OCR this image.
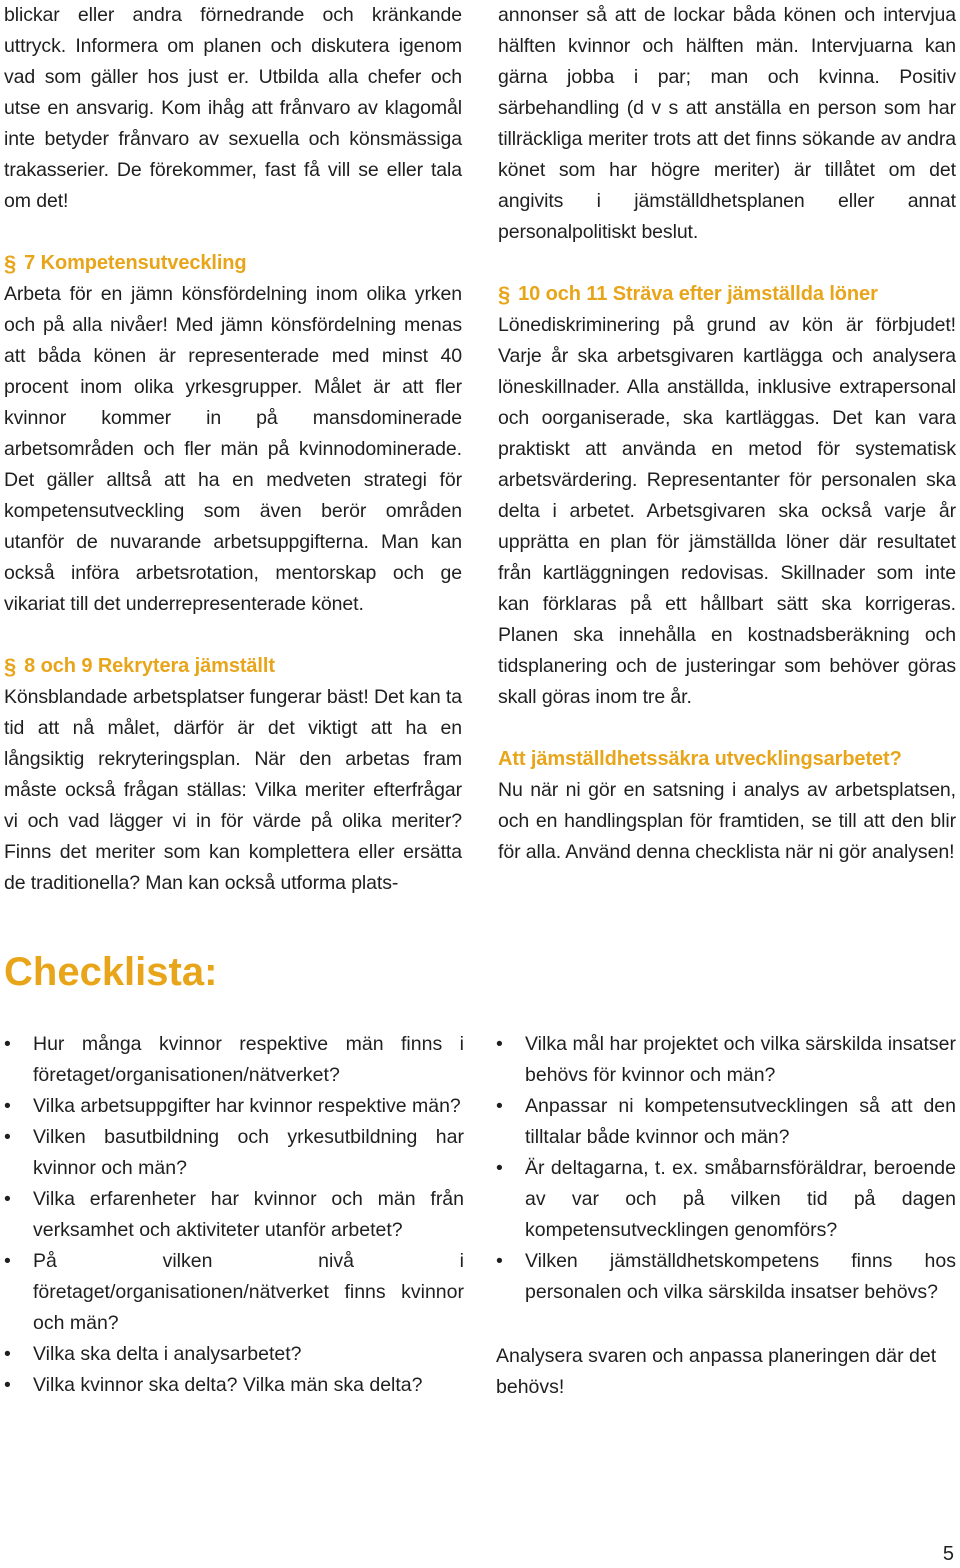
blickar eller andra förnedrande och kränkande uttryck. Informera om planen och diskutera igenom vad som gäller hos just er. Utbilda alla chefer och utse en ansvarig. Kom ihåg att frånvaro av klagomål inte betyder frånvaro av sexuella och könsmässiga trakasserier. De förekommer, fast få vill se eller tala om det!

§ 7 Kompetensutveckling

Arbeta för en jämn könsfördelning inom olika yrken och på alla nivåer! Med jämn könsfördelning menas att båda könen är representerade med minst 40 procent inom olika yrkesgrupper. Målet är att fler kvinnor kommer in på mansdominerade arbetsområden och fler män på kvinnodominerade. Det gäller alltså att ha en medveten strategi för kompetensutveckling som även berör områden utanför de nuvarande arbetsuppgifterna. Man kan också införa arbetsrotation, mentorskap och ge vikariat till det underrepresenterade könet.

§ 8 och 9 Rekrytera jämställt

Könsblandade arbetsplatser fungerar bäst! Det kan ta tid att nå målet, därför är det viktigt att ha en långsiktig rekryteringsplan. När den arbetas fram måste också frågan ställas: Vilka meriter efterfrågar vi och vad lägger vi in för värde på olika meriter? Finns det meriter som kan komplettera eller ersätta de traditionella? Man kan också utforma plats-

annonser så att de lockar båda könen och intervjua hälften kvinnor och hälften män. Intervjuarna kan gärna jobba i par; man och kvinna. Positiv särbehandling (d v s att anställa en person som har tillräckliga meriter trots att det finns sökande av andra könet som har högre meriter) är tillåtet om det angivits i jämställdhetsplanen eller annat personalpolitiskt beslut.

§ 10 och 11 Sträva efter jämställda löner

Lönediskriminering på grund av kön är förbjudet! Varje år ska arbetsgivaren kartlägga och analysera löneskillnader. Alla anställda, inklusive extrapersonal och oorganiserade, ska kartläggas. Det kan vara praktiskt att använda en metod för systematisk arbetsvärdering. Representanter för personalen ska delta i arbetet. Arbetsgivaren ska också varje år upprätta en plan för jämställda löner där resultatet från kartläggningen redovisas. Skillnader som inte kan förklaras på ett hållbart sätt ska korrigeras. Planen ska innehålla en kostnadsberäkning och tidsplanering och de justeringar som behöver göras skall göras inom tre år.

Att jämställdhetssäkra utvecklingsarbetet?

Nu när ni gör en satsning i analys av arbetsplatsen, och en handlingsplan för framtiden, se till att den blir för alla. Använd denna checklista när ni gör analysen!

Checklista:
•	Hur många kvinnor respektive män finns i företaget/organisationen/nätverket?
•	Vilka arbetsuppgifter har kvinnor respektive män?
•	Vilken basutbildning och yrkesutbildning har kvinnor och män?
•	Vilka erfarenheter har kvinnor och män från verksamhet och aktiviteter utanför arbetet?
•	På vilken nivå i företaget/organisationen/nätverket finns kvinnor och män?
•	Vilka ska delta i analysarbetet?
•	Vilka kvinnor ska delta? Vilka män ska delta?
•	Vilka mål har projektet och vilka särskilda insatser behövs för kvinnor och män?
•	Anpassar ni kompetensutvecklingen så att den tilltalar både kvinnor och män?
•	Är deltagarna, t. ex. småbarnsföräldrar, beroende av var och på vilken tid på dagen kompetensutvecklingen genomförs?
•	Vilken jämställdhetskompetens finns hos personalen och vilka särskilda insatser behövs?

Analysera svaren och anpassa planeringen där det behövs!

5
